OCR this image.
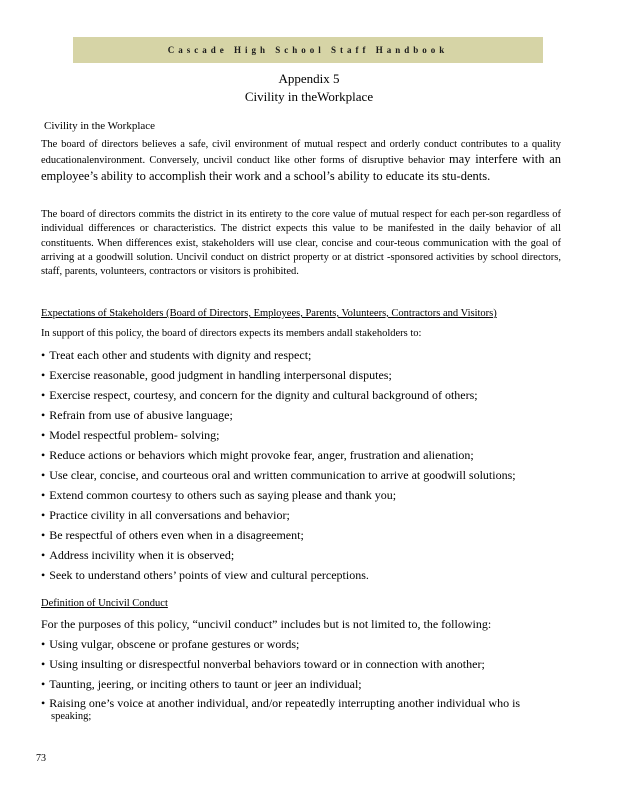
Cascade High School Staff Handbook
Appendix 5
Civility in theWorkplace
Civility in the Workplace
The board of directors believes a safe, civil environment of mutual respect and orderly conduct contributes to a quality educationalenvironment. Conversely, uncivil conduct like other forms of disruptive behavior may interfere with an employee’s ability to accomplish their work and a school’s ability to educate its stu-dents.
The board of directors commits the district in its entirety to the core value of mutual respect for each per-son regardless of individual differences or characteristics. The district expects this value to be manifested in the daily behavior of all constituents. When differences exist, stakeholders will use clear, concise and cour-teous communication with the goal of arriving at a goodwill solution. Uncivil conduct on district property or at district -sponsored activities by school directors, staff, parents, volunteers, contractors or visitors is prohibited.
Expectations of Stakeholders (Board of Directors, Employees, Parents, Volunteers, Contractors and Visitors)
In support of this policy, the board of directors expects its members andall stakeholders to:
• Treat each other and students with dignity and respect;
• Exercise reasonable, good judgment in handling interpersonal disputes;
• Exercise respect, courtesy, and concern for the dignity and cultural background of others;
• Refrain from use of abusive language;
• Model respectful problem- solving;
• Reduce actions or behaviors which might provoke fear, anger, frustration and alienation;
• Use clear, concise, and courteous oral and written communication to arrive at goodwill solutions;
• Extend common courtesy to others such as saying please and thank you;
• Practice civility in all conversations and behavior;
• Be respectful of others even when in a disagreement;
• Address incivility when it is observed;
• Seek to understand others’ points of view and cultural perceptions.
Definition of Uncivil Conduct
For the purposes of this policy, “uncivil conduct” includes but is not limited to, the following:
• Using vulgar, obscene or profane gestures or words;
• Using insulting or disrespectful nonverbal behaviors toward or in connection with another;
• Taunting, jeering, or inciting others to taunt or jeer an individual;
• Raising one’s voice at another individual, and/or repeatedly interrupting another individual who is
speaking;
73
